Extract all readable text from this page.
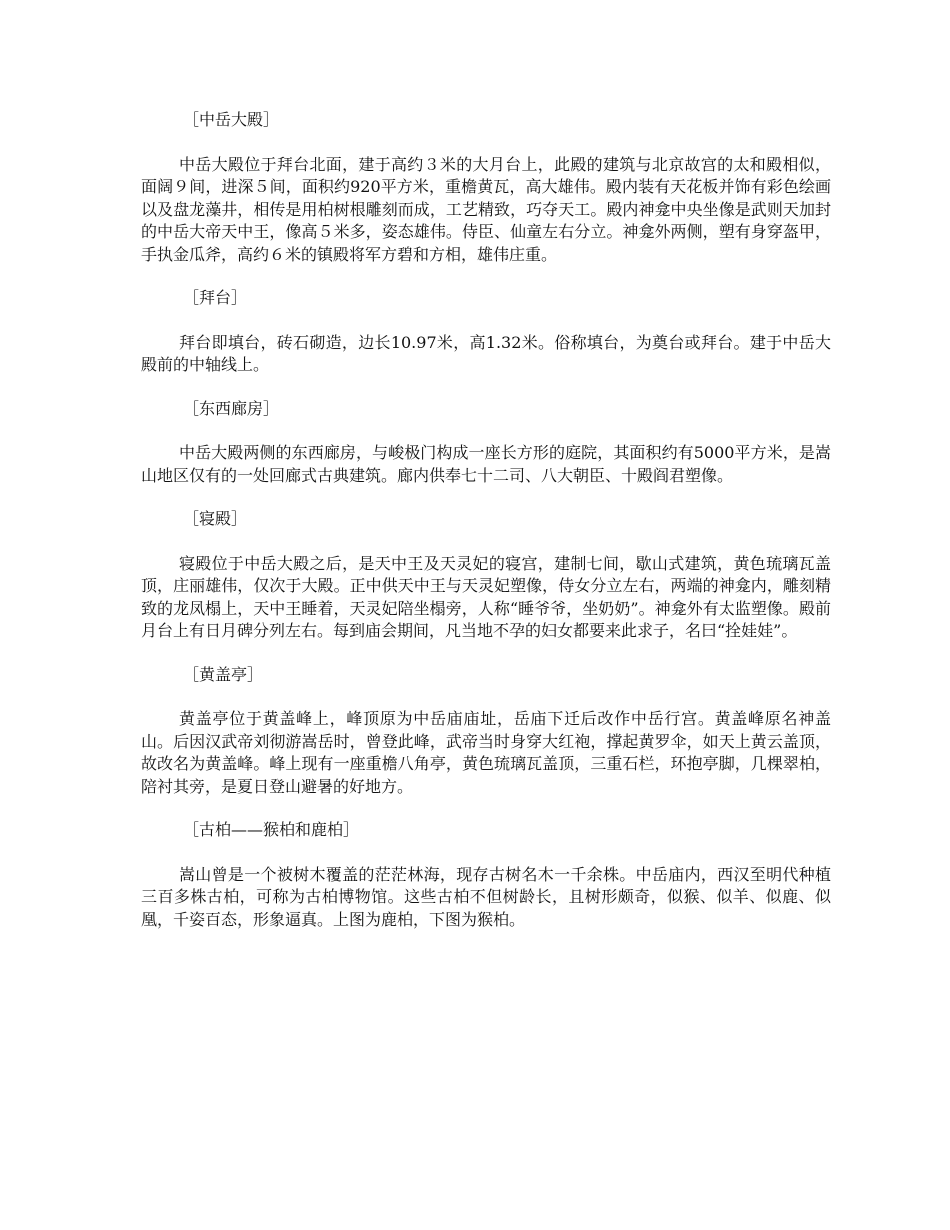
［中岳大殿］

中岳大殿位于拜台北面，建于高约３米的大月台上，此殿的建筑与北京故宫的太和殿相似，面阔９间，进深５间，面积约920平方米，重檐黄瓦，高大雄伟。殿内装有天花板并饰有彩色绘画以及盘龙藻井，相传是用柏树根雕刻而成，工艺精致，巧夺天工。殿内神龛中央坐像是武则天加封的中岳大帝天中王，像高５米多，姿态雄伟。侍臣、仙童左右分立。神龛外两侧，塑有身穿盔甲，手执金瓜斧，高约６米的镇殿将军方碧和方相，雄伟庄重。

［拜台］

拜台即填台，砖石砌造，边长10.97米，高1.32米。俗称填台，为奠台或拜台。建于中岳大殿前的中轴线上。

［东西廊房］

中岳大殿两侧的东西廊房，与峻极门构成一座长方形的庭院，其面积约有5000平方米，是嵩山地区仅有的一处回廊式古典建筑。廊内供奉七十二司、八大朝臣、十殿阎君塑像。

［寝殿］

寝殿位于中岳大殿之后，是天中王及天灵妃的寝宫，建制七间，歇山式建筑，黄色琉璃瓦盖顶，庄丽雄伟，仅次于大殿。正中供天中王与天灵妃塑像，侍女分立左右，两端的神龛内，雕刻精致的龙凤榻上，天中王睡着，天灵妃陪坐榻旁，人称“睡爷爷，坐奶奶”。神龛外有太监塑像。殿前月台上有日月碑分列左右。每到庙会期间，凡当地不孕的妇女都要来此求子，名曰“拴娃娃”。

［黄盖亭］

黄盖亭位于黄盖峰上，峰顶原为中岳庙庙址，岳庙下迁后改作中岳行宫。黄盖峰原名神盖山。后因汉武帝刘彻游嵩岳时，曾登此峰，武帝当时身穿大红袍，撑起黄罗伞，如天上黄云盖顶，故改名为黄盖峰。峰上现有一座重檐八角亭，黄色琉璃瓦盖顶，三重石栏，环抱亭脚，几棵翠柏，陪衬其旁，是夏日登山避暑的好地方。

［古柏——猴柏和鹿柏］

嵩山曾是一个被树木覆盖的茫茫林海，现存古树名木一千余株。中岳庙内，西汉至明代种植三百多株古柏，可称为古柏博物馆。这些古柏不但树龄长，且树形颇奇，似猴、似羊、似鹿、似凰，千姿百态，形象逼真。上图为鹿柏，下图为猴柏。
